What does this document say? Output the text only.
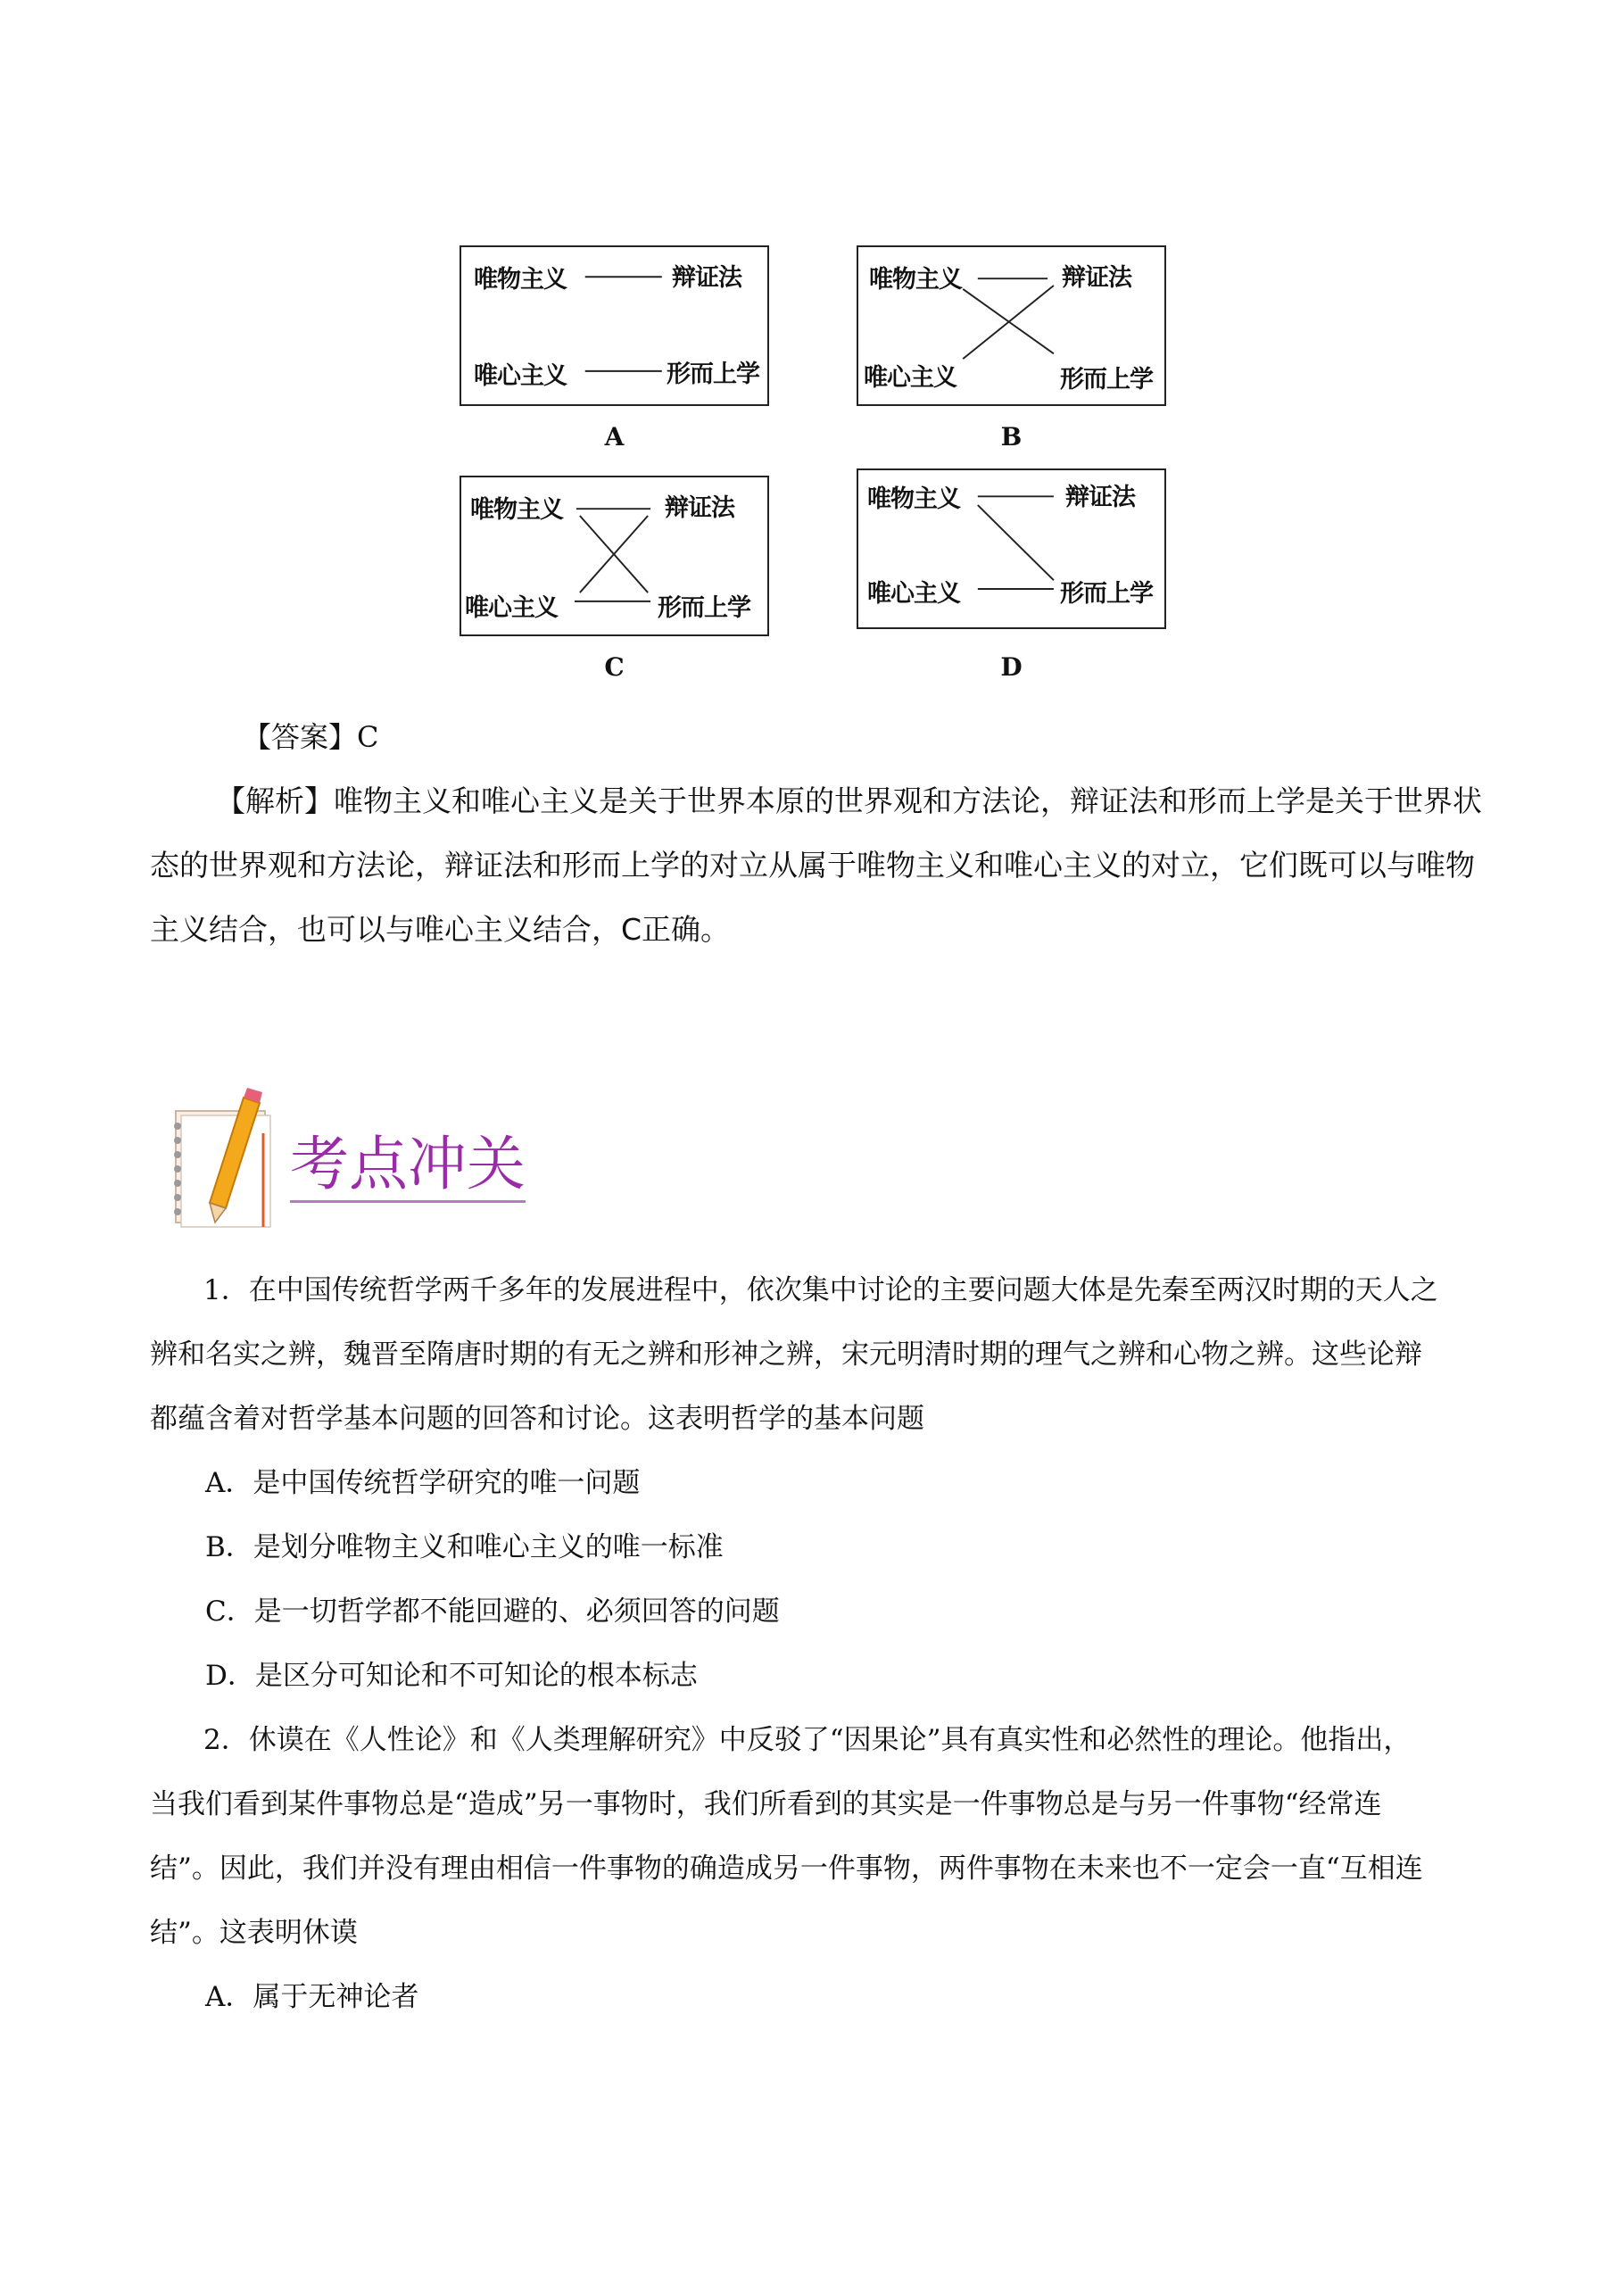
唯物主义	辩证法
唯心主义	形而上学
A
唯物主义	辩证法
唯心主义	形而上学
B
唯物主义	辩证法
唯心主义	形而上学
C
唯物主义	辩证法
唯心主义	形而上学
D
【答案】C
【解析】唯物主义和唯心主义是关于世界本原的世界观和方法论，辩证法和形而上学是关于世界状
态的世界观和方法论，辩证法和形而上学的对立从属于唯物主义和唯心主义的对立，它们既可以与唯物
主义结合，也可以与唯心主义结合，C正确。
考点冲关
1．在中国传统哲学两千多年的发展进程中，依次集中讨论的主要问题大体是先秦至两汉时期的天人之
辨和名实之辨，魏晋至隋唐时期的有无之辨和形神之辨，宋元明清时期的理气之辨和心物之辨。这些论辩
都蕴含着对哲学基本问题的回答和讨论。这表明哲学的基本问题
A．是中国传统哲学研究的唯一问题
B．是划分唯物主义和唯心主义的唯一标准
C．是一切哲学都不能回避的、必须回答的问题
D．是区分可知论和不可知论的根本标志
2．休谟在《人性论》和《人类理解研究》中反驳了“因果论”具有真实性和必然性的理论。他指出，
当我们看到某件事物总是“造成”另一事物时，我们所看到的其实是一件事物总是与另一件事物“经常连
结”。因此，我们并没有理由相信一件事物的确造成另一件事物，两件事物在未来也不一定会一直“互相连
结”。这表明休谟
A．属于无神论者
